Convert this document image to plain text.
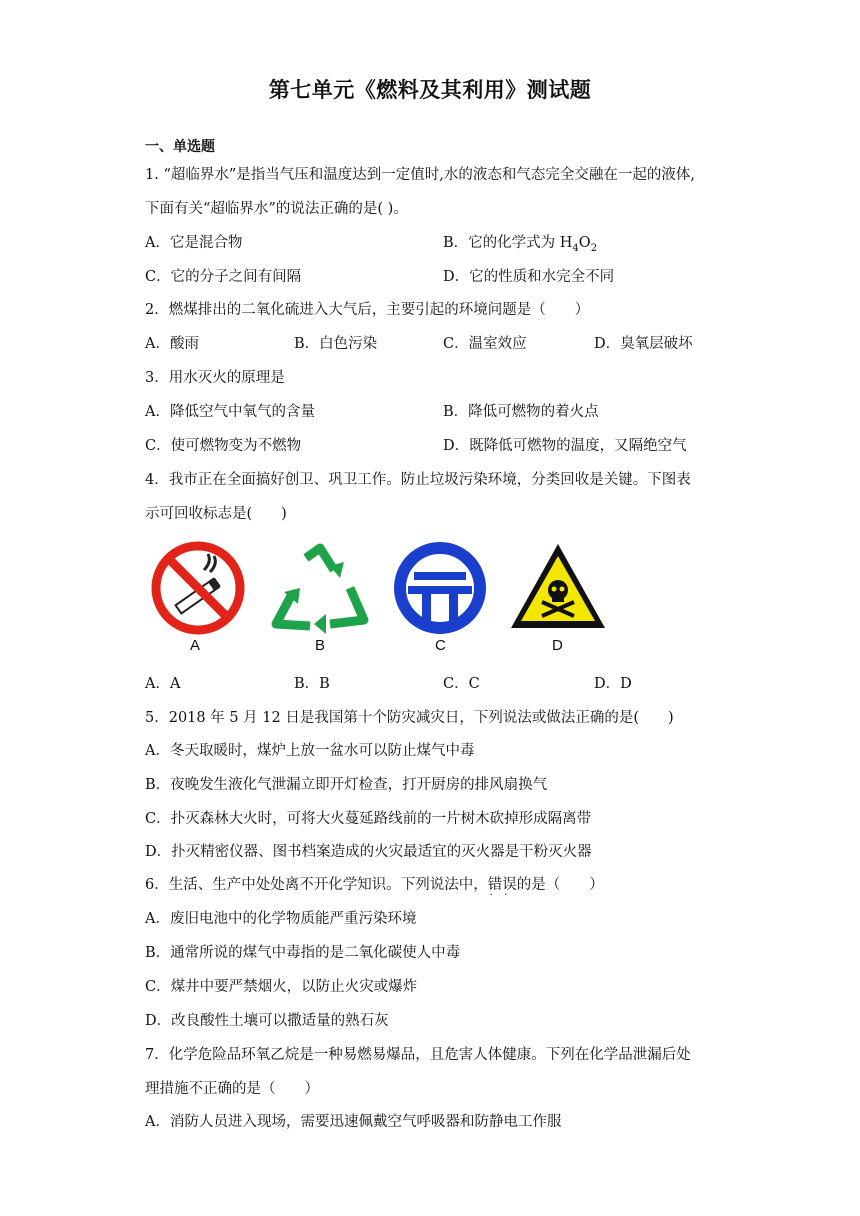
第七单元《燃料及其利用》测试题
一、单选题
1. “超临界水”是指当气压和温度达到一定值时,水的液态和气态完全交融在一起的液体,
下面有关“超临界水”的说法正确的是( )。
A．它是混合物	B．它的化学式为 $H_4O_2$
C．它的分子之间有间隔	D．它的性质和水完全不同
2．燃煤排出的二氧化硫进入大气后，主要引起的环境问题是（　　）
A．酸雨	B．白色污染	C．温室效应	D．臭氧层破坏
3．用水灭火的原理是
A．降低空气中氧气的含量	B．降低可燃物的着火点
C．使可燃物变为不燃物	D．既降低可燃物的温度，又隔绝空气
4．我市正在全面搞好创卫、巩卫工作。防止垃圾污染环境，分类回收是关键。下图表
示可回收标志是(　　)
A	B	C	D
A．A	B．B	C．C	D．D
5．2018 年 5 月 12 日是我国第十个防灾减灾日，下列说法或做法正确的是(　　)
A．冬天取暖时，煤炉上放一盆水可以防止煤气中毒
B．夜晚发生液化气泄漏立即开灯检查，打开厨房的排风扇换气
C．扑灭森林大火时，可将大火蔓延路线前的一片树木砍掉形成隔离带
D．扑灭精密仪器、图书档案造成的火灾最适宜的灭火器是干粉灭火器
6．生活、生产中处处离不开化学知识。下列说法中，错误 · ·的是（　　）
A．废旧电池中的化学物质能严重污染环境
B．通常所说的煤气中毒指的是二氧化碳使人中毒
C．煤井中要严禁烟火，以防止火灾或爆炸
D．改良酸性土壤可以撒适量的熟石灰
7．化学危险品环氧乙烷是一种易燃易爆品，且危害人体健康。下列在化学品泄漏后处
理措施不正确的是（　　）
A．消防人员进入现场，需要迅速佩戴空气呼吸器和防静电工作服
